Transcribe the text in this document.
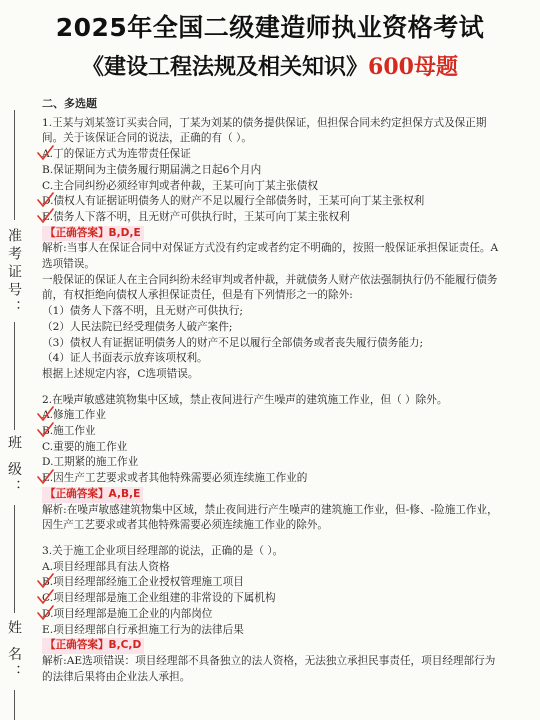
2025年全国二级建造师执业资格考试
《建设工程法规及相关知识》600母题
准考证号：
班 级：
姓 名：
二、多选题
1.王某与刘某签订买卖合同，丁某为刘某的债务提供保证，但担保合同未约定担保方式及保正期
间。关于该保证合同的说法，正确的有（ ）。
A.丁的保证方式为连带责任保证
B.保证期间为主债务履行期届满之日起6个月内
C.主合同纠纷必须经审判或者仲裁，王某可向丁某主张债权
D.债权人有证据证明债务人的财产不足以履行全部债务时，王某可向丁某主张权利
E.债务人下落不明，且无财产可供执行时，王某可向丁某主张权利
【正确答案】B,D,E
解析:当事人在保证合同中对保证方式没有约定或者约定不明确的，按照一般保证承担保证责任。A
选项错误。
一般保证的保证人在主合同纠纷未经审判或者仲裁，并就债务人财产依法强制执行仍不能履行债务
前，有权拒绝向债权人承担保证责任，但是有下列情形之一的除外:
（1）债务人下落不明，且无财产可供执行;
（2）人民法院已经受理债务人破产案件;
（3）债权人有证据证明债务人的财产不足以履行全部债务或者丧失履行债务能力;
（4）证人书面表示放弃该项权利。
根据上述规定内容，C选项错误。
2.在噪声敏感建筑物集中区域，禁止夜间进行产生噪声的建筑施工作业，但（ ）除外。
A.修施工作业
B.施工作业
C.重要的施工作业
D.工期紧的施工作业
E.因生产工艺要求或者其他特殊需要必须连续施工作业的
【正确答案】A,B,E
解析:在噪声敏感建筑物集中区域，禁止夜间进行产生噪声的建筑施工作业，但-修、-险施工作业，
因生产工艺要求或者其他特殊需要必须连续施工作业的除外。
3.关于施工企业项目经理部的说法，正确的是（ ）。
A.项目经理部具有法人资格
B.项目经理部经施工企业授权管理施工项目
C.项目经理部是施工企业组建的非常设的下属机构
D.项目经理部是施工企业的内部岗位
E.项目经理部自行承担施工行为的法律后果
【正确答案】B,C,D
解析:AE选项错误：项目经理部不具备独立的法人资格，无法独立承担民事责任，项目经理部行为
的法律后果将由企业法人承担。
